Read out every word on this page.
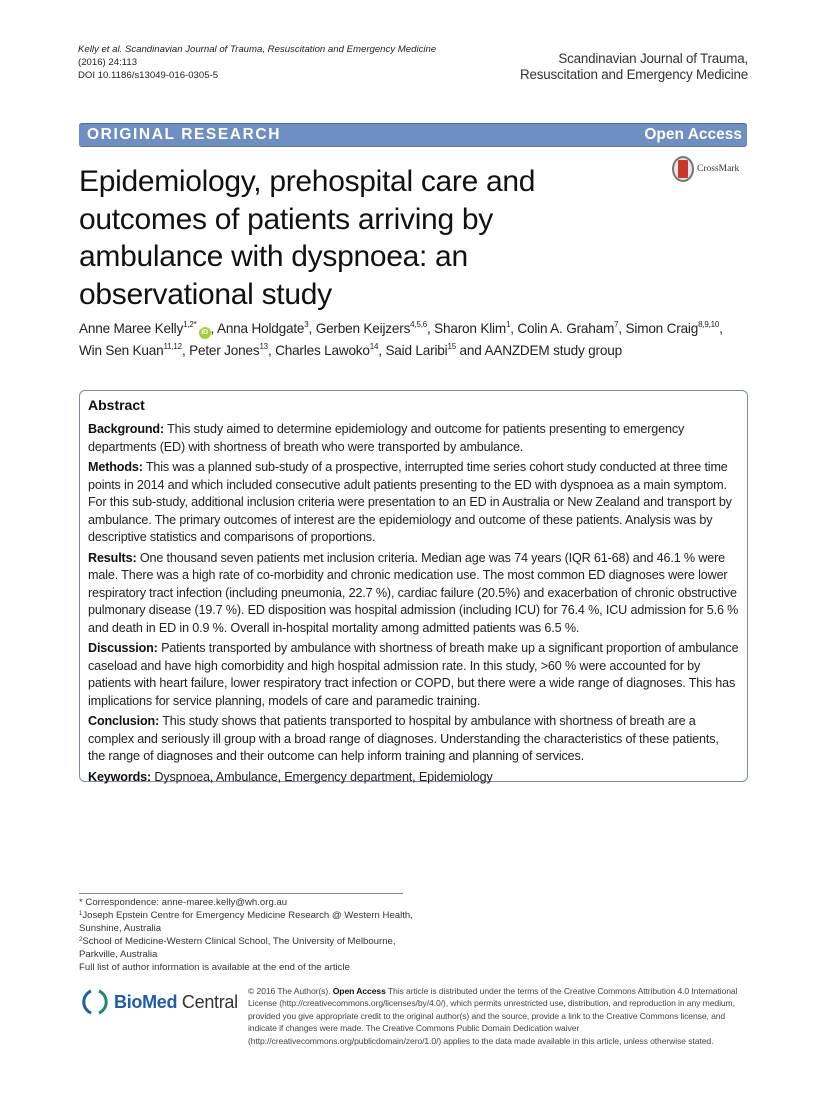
Kelly et al. Scandinavian Journal of Trauma, Resuscitation and Emergency Medicine
(2016) 24:113
DOI 10.1186/s13049-016-0305-5
Scandinavian Journal of Trauma,
Resuscitation and Emergency Medicine
ORIGINAL RESEARCH	Open Access
CrossMark
Epidemiology, prehospital care and outcomes of patients arriving by ambulance with dyspnoea: an observational study
Anne Maree Kelly$^{1,2*}$iD , Anna Holdgate$^3$, Gerben Keijzers$^{4,5,6}$, Sharon Klim$^1$, Colin A. Graham$^7$, Simon Craig$^{8,9,10}$,
Win Sen Kuan$^{11,12}$, Peter Jones$^{13}$, Charles Lawoko$^{14}$, Said Laribi$^{15}$ and AANZDEM study group
Abstract

Background: This study aimed to determine epidemiology and outcome for patients presenting to emergency departments (ED) with shortness of breath who were transported by ambulance.

Methods: This was a planned sub-study of a prospective, interrupted time series cohort study conducted at three time points in 2014 and which included consecutive adult patients presenting to the ED with dyspnoea as a main symptom. For this sub-study, additional inclusion criteria were presentation to an ED in Australia or New Zealand and transport by ambulance. The primary outcomes of interest are the epidemiology and outcome of these patients. Analysis was by descriptive statistics and comparisons of proportions.

Results: One thousand seven patients met inclusion criteria. Median age was 74 years (IQR 61-68) and 46.1 % were male. There was a high rate of co-morbidity and chronic medication use. The most common ED diagnoses were lower respiratory tract infection (including pneumonia, 22.7 %), cardiac failure (20.5%) and exacerbation of chronic obstructive pulmonary disease (19.7 %). ED disposition was hospital admission (including ICU) for 76.4 %, ICU admission for 5.6 % and death in ED in 0.9 %. Overall in-hospital mortality among admitted patients was 6.5 %.

Discussion: Patients transported by ambulance with shortness of breath make up a significant proportion of ambulance caseload and have high comorbidity and high hospital admission rate. In this study, >60 % were accounted for by patients with heart failure, lower respiratory tract infection or COPD, but there were a wide range of diagnoses. This has implications for service planning, models of care and paramedic training.

Conclusion: This study shows that patients transported to hospital by ambulance with shortness of breath are a complex and seriously ill group with a broad range of diagnoses. Understanding the characteristics of these patients, the range of diagnoses and their outcome can help inform training and planning of services.

Keywords: Dyspnoea, Ambulance, Emergency department, Epidemiology

* Correspondence: anne-maree.kelly@wh.org.au
$^1$Joseph Epstein Centre for Emergency Medicine Research @ Western Health, Sunshine, Australia
$^2$School of Medicine-Western Clinical School, The University of Melbourne, Parkville, Australia
Full list of author information is available at the end of the article
BioMed Central
© 2016 The Author(s). Open Access This article is distributed under the terms of the Creative Commons Attribution 4.0 International License (http://creativecommons.org/licenses/by/4.0/), which permits unrestricted use, distribution, and reproduction in any medium, provided you give appropriate credit to the original author(s) and the source, provide a link to the Creative Commons license, and indicate if changes were made. The Creative Commons Public Domain Dedication waiver (http://creativecommons.org/publicdomain/zero/1.0/) applies to the data made available in this article, unless otherwise stated.
